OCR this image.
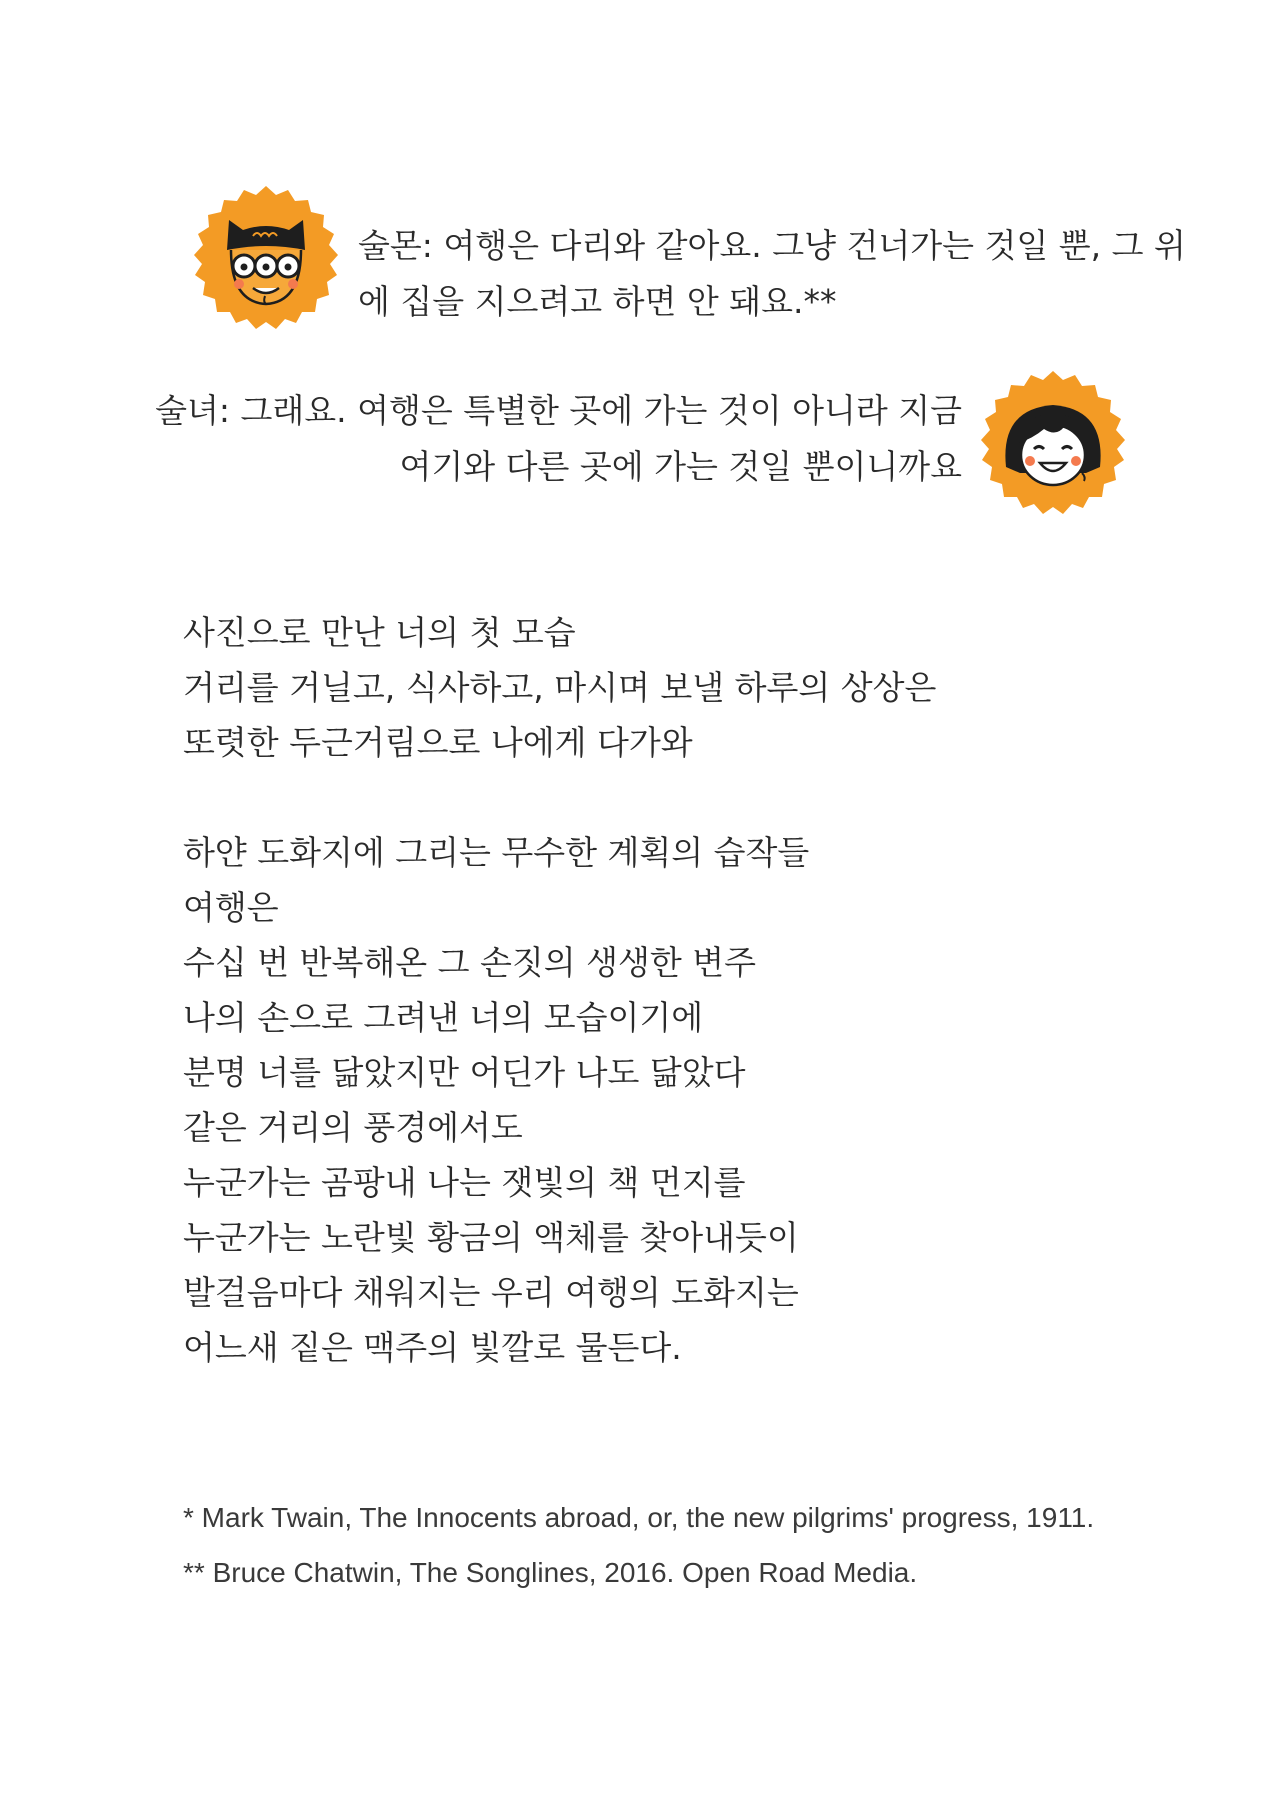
술몬: 여행은 다리와 같아요. 그냥 건너가는 것일 뿐, 그 위
에 집을 지으려고 하면 안 돼요.**

술녀: 그래요. 여행은 특별한 곳에 가는 것이 아니라 지금
여기와 다른 곳에 가는 것일 뿐이니까요

사진으로 만난 너의 첫 모습
거리를 거닐고, 식사하고, 마시며 보낼 하루의 상상은
또렷한 두근거림으로 나에게 다가와
하얀 도화지에 그리는 무수한 계획의 습작들
여행은
수십 번 반복해온 그 손짓의 생생한 변주
나의 손으로 그려낸 너의 모습이기에
분명 너를 닮았지만 어딘가 나도 닮았다
같은 거리의 풍경에서도
누군가는 곰팡내 나는 잿빛의 책 먼지를
누군가는 노란빛 황금의 액체를 찾아내듯이
발걸음마다 채워지는 우리 여행의 도화지는
어느새 짙은 맥주의 빛깔로 물든다.
* Mark Twain, The Innocents abroad, or, the new pilgrims' progress, 1911.
** Bruce Chatwin, The Songlines, 2016. Open Road Media.
